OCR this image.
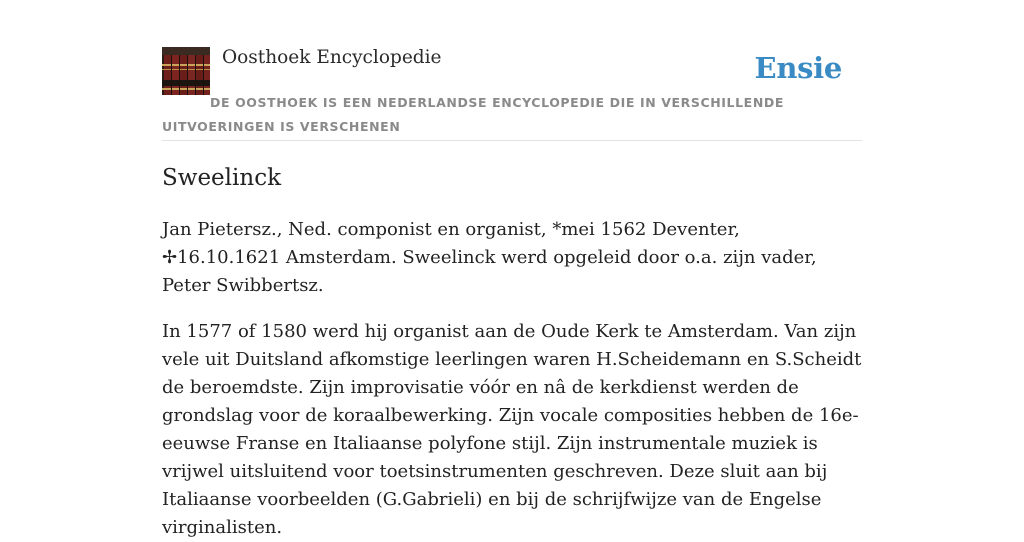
Oosthoek Encyclopedie	Ensie
DE OOSTHOEK IS EEN NEDERLANDSE ENCYCLOPEDIE DIE IN VERSCHILLENDE UITVOERINGEN IS VERSCHENEN
Sweelinck

Jan Pietersz., Ned. componist en organist, *mei 1562 Deventer, ✢16.10.1621 Amsterdam. Sweelinck werd opgeleid door o.a. zijn vader, Peter Swibbertsz.

In 1577 of 1580 werd hij organist aan de Oude Kerk te Amsterdam. Van zijn vele uit Duitsland afkomstige leerlingen waren H.Scheidemann en S.Scheidt de beroemdste. Zijn improvisatie vóór en nâ de kerkdienst werden de grondslag voor de koraalbewerking. Zijn vocale composities hebben de 16e-eeuwse Franse en Italiaanse polyfone stijl. Zijn instrumentale muziek is vrijwel uitsluitend voor toetsinstrumenten geschreven. Deze sluit aan bij Italiaanse voorbeelden (G.Gabrieli) en bij de schrijfwijze van de Engelse virginalisten.
